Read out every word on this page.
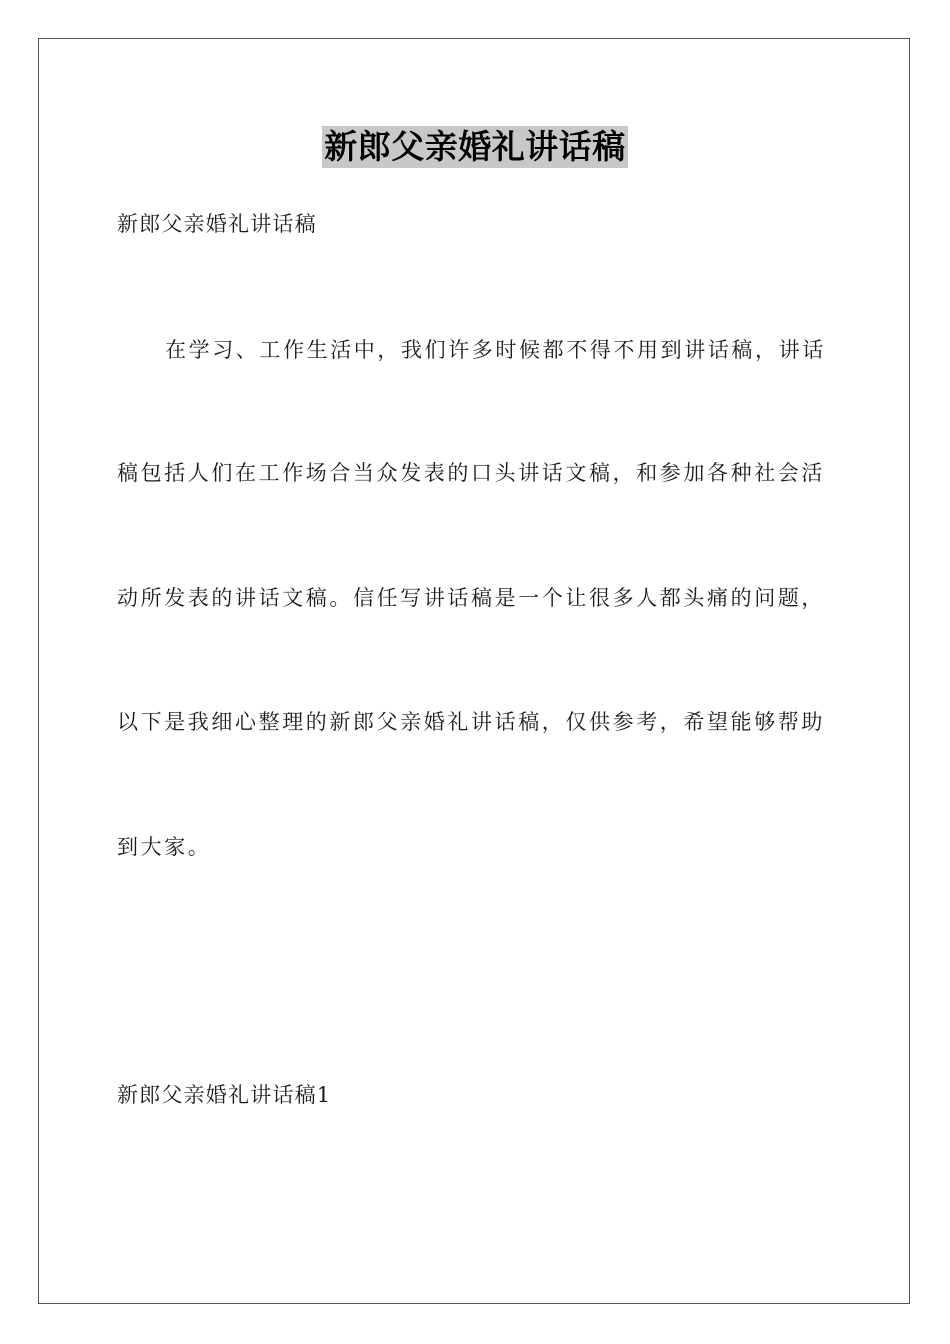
新郎父亲婚礼讲话稿
新郎父亲婚礼讲话稿
在学习、工作生活中，我们许多时候都不得不用到讲话稿，讲话
稿包括人们在工作场合当众发表的口头讲话文稿，和参加各种社会活
动所发表的讲话文稿。信任写讲话稿是一个让很多人都头痛的问题，
以下是我细心整理的新郎父亲婚礼讲话稿，仅供参考，希望能够帮助
到大家。
新郎父亲婚礼讲话稿1
